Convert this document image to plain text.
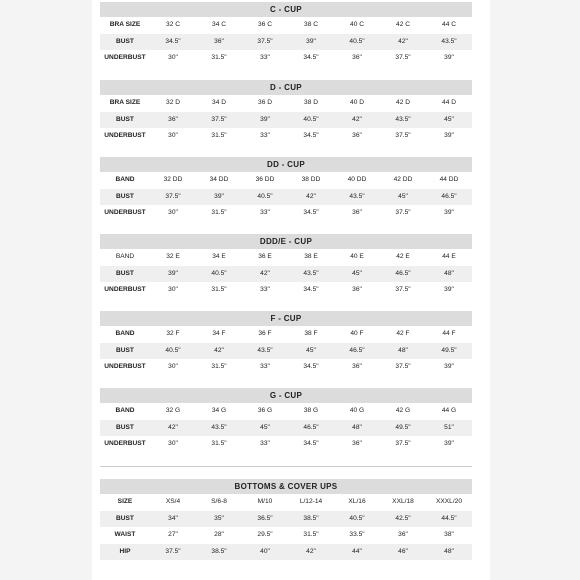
C - CUP
BRA SIZE	32 C	34 C	36 C	38 C	40 C	42 C	44 C
BUST	34.5"	36"	37.5"	39"	40.5"	42"	43.5"
UNDERBUST	30"	31.5"	33"	34.5"	36"	37.5"	39"
D - CUP
BRA SIZE	32 D	34 D	36 D	38 D	40 D	42 D	44 D
BUST	36"	37.5"	39"	40.5"	42"	43.5"	45"
UNDERBUST	30"	31.5"	33"	34.5"	36"	37.5"	39"
DD - CUP
BAND	32 DD	34 DD	36 DD	38 DD	40 DD	42 DD	44 DD
BUST	37.5"	39"	40.5"	42"	43.5"	45"	46.5"
UNDERBUST	30"	31.5"	33"	34.5"	36"	37.5"	39"
DDD/E - CUP
BAND	32 E	34 E	36 E	38 E	40 E	42 E	44 E
BUST	39"	40.5"	42"	43.5"	45"	46.5"	48"
UNDERBUST	30"	31.5"	33"	34.5"	36"	37.5"	39"
F - CUP
BAND	32 F	34 F	36 F	38 F	40 F	42 F	44 F
BUST	40.5"	42"	43.5"	45"	46.5"	48"	49.5"
UNDERBUST	30"	31.5"	33"	34.5"	36"	37.5"	39"
G - CUP
BAND	32 G	34 G	36 G	38 G	40 G	42 G	44 G
BUST	42"	43.5"	45"	46.5"	48"	49.5"	51"
UNDERBUST	30"	31.5"	33"	34.5"	36"	37.5"	39"
BOTTOMS & COVER UPS
SIZE	XS/4	S/6-8	M/10	L/12-14	XL/16	XXL/18	XXXL/20
BUST	34"	35"	36.5"	38.5"	40.5"	42.5"	44.5"
WAIST	27"	28"	29.5"	31.5"	33.5"	36"	38"
HIP	37.5"	38.5"	40"	42"	44"	46"	48"
